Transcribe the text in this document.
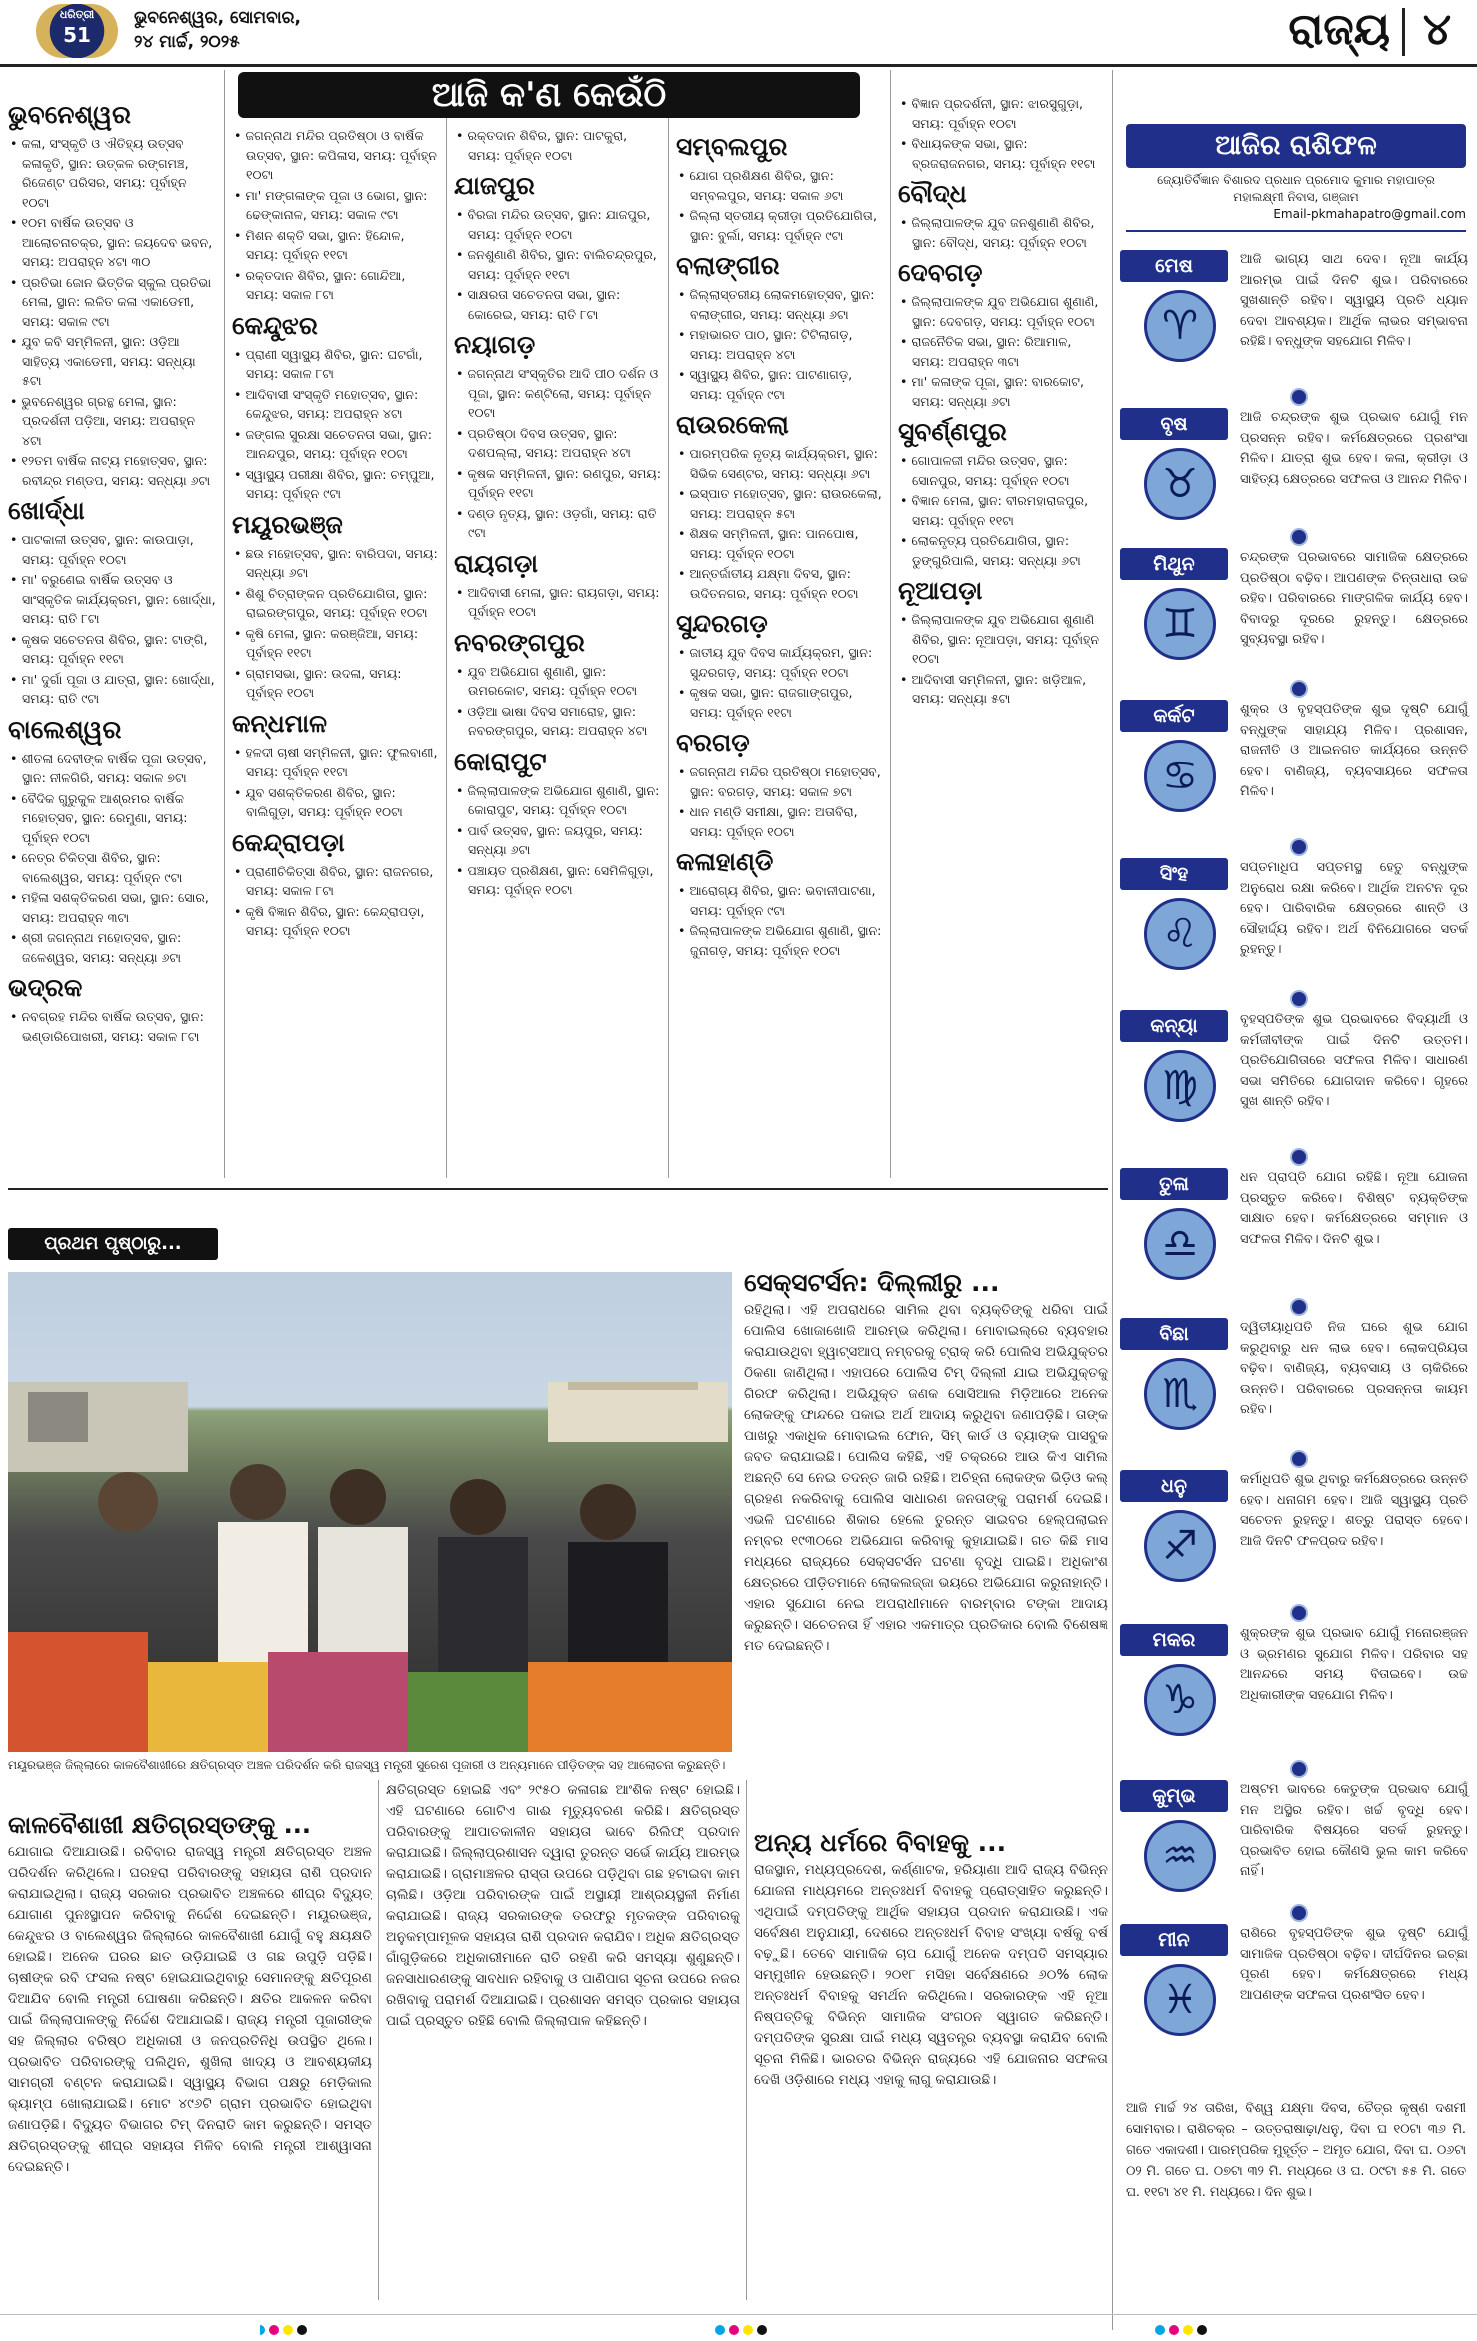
ଧରିତ୍ରୀ
51
ଭୁବନେଶ୍ୱର, ସୋମବାର,
୨୪ ମାର୍ଚ୍ଚ, ୨୦୨୫	ରାଜ୍ୟ ୪
ଆଜି କ'ଣ କେଉଁଠି
ଭୁବନେଶ୍ୱର
• କଳା, ସଂସ୍କୃତି ଓ ଐତିହ୍ୟ ଉତ୍ସବ କଳାକୃତି, ସ୍ଥାନ: ଉତ୍କଳ ରଙ୍ଗମଞ୍ଚ, ରିଜେଣ୍ଟ ପରିସର, ସମୟ: ପୂର୍ବାହ୍ନ ୧୦ଟା
• ୧୦ମ ବାର୍ଷିକ ଉତ୍ସବ ଓ ଆଲୋଚନାଚକ୍ର, ସ୍ଥାନ: ଜୟଦେବ ଭବନ, ସମୟ: ଅପରାହ୍ନ ୪ଟା ୩୦
• ପ୍ରତିଭା ଜୋନ ଭିତ୍ତିକ ସ୍କୁଲ ପ୍ରତିଭା ମେଳା, ସ୍ଥାନ: ଲଳିତ କଳା ଏକାଡେମୀ, ସମୟ: ସକାଳ ୯ଟା
• ଯୁବ କବି ସମ୍ମିଳନୀ, ସ୍ଥାନ: ଓଡ଼ିଆ ସାହିତ୍ୟ ଏକାଡେମୀ, ସମୟ: ସନ୍ଧ୍ୟା ୫ଟା
• ଭୁବନେଶ୍ୱର ଗ୍ରନ୍ଥ ମେଳା, ସ୍ଥାନ: ପ୍ରଦର୍ଶନୀ ପଡ଼ିଆ, ସମୟ: ଅପରାହ୍ନ ୪ଟା
• ୧୨ତମ ବାର୍ଷିକ ନାଟ୍ୟ ମହୋତ୍ସବ, ସ୍ଥାନ: ରବୀନ୍ଦ୍ର ମଣ୍ଡପ, ସମୟ: ସନ୍ଧ୍ୟା ୬ଟା
ଖୋର୍ଦ୍ଧା
• ପାଟକାଳୀ ଉତ୍ସବ, ସ୍ଥାନ: କାଉପାଡ଼ା, ସମୟ: ପୂର୍ବାହ୍ନ ୧୦ଟା
• ମା' ବରୁଣେଇ ବାର୍ଷିକ ଉତ୍ସବ ଓ ସାଂସ୍କୃତିକ କାର୍ଯ୍ୟକ୍ରମ, ସ୍ଥାନ: ଖୋର୍ଦ୍ଧା, ସମୟ: ରାତି ୮ଟା
• କୃଷକ ସଚେତନତା ଶିବିର, ସ୍ଥାନ: ଟାଙ୍ଗି, ସମୟ: ପୂର୍ବାହ୍ନ ୧୧ଟା
• ମା' ଦୁର୍ଗା ପୂଜା ଓ ଯାତ୍ରା, ସ୍ଥାନ: ଖୋର୍ଦ୍ଧା, ସମୟ: ରାତି ୯ଟା
ବାଲେଶ୍ୱର
• ଶୀତଳା ଦେବୀଙ୍କ ବାର୍ଷିକ ପୂଜା ଉତ୍ସବ, ସ୍ଥାନ: ନୀଳଗିରି, ସମୟ: ସକାଳ ୭ଟା
• ବୈଦିକ ଗୁରୁକୁଳ ଆଶ୍ରମର ବାର୍ଷିକ ମହୋତ୍ସବ, ସ୍ଥାନ: ରେମୁଣା, ସମୟ: ପୂର୍ବାହ୍ନ ୧୦ଟା
• ନେତ୍ର ଚିକିତ୍ସା ଶିବିର, ସ୍ଥାନ: ବାଲେଶ୍ୱର, ସମୟ: ପୂର୍ବାହ୍ନ ୯ଟା
• ମହିଳା ସଶକ୍ତିକରଣ ସଭା, ସ୍ଥାନ: ସୋର, ସମୟ: ଅପରାହ୍ନ ୩ଟା
• ଶ୍ରୀ ଜଗନ୍ନାଥ ମହୋତ୍ସବ, ସ୍ଥାନ: ଜଳେଶ୍ୱର, ସମୟ: ସନ୍ଧ୍ୟା ୬ଟା
ଭଦ୍ରକ
• ନବଗ୍ରହ ମନ୍ଦିର ବାର୍ଷିକ ଉତ୍ସବ, ସ୍ଥାନ: ଭଣ୍ଡାରିପୋଖରୀ, ସମୟ: ସକାଳ ୮ଟା
• ଜଗନ୍ନାଥ ମନ୍ଦିର ପ୍ରତିଷ୍ଠା ଓ ବାର୍ଷିକ ଉତ୍ସବ, ସ୍ଥାନ: କପିଳାସ, ସମୟ: ପୂର୍ବାହ୍ନ ୧୦ଟା
• ମା' ମଙ୍ଗଳାଙ୍କ ପୂଜା ଓ ଭୋଗ, ସ୍ଥାନ: ଢେଙ୍କାନାଳ, ସମୟ: ସକାଳ ୯ଟା
• ମିଶନ ଶକ୍ତି ସଭା, ସ୍ଥାନ: ହିନ୍ଦୋଳ, ସମୟ: ପୂର୍ବାହ୍ନ ୧୧ଟା
• ରକ୍ତଦାନ ଶିବିର, ସ୍ଥାନ: ଗୋନ୍ଦିଆ, ସମୟ: ସକାଳ ୮ଟା
କେନ୍ଦୁଝର
• ପ୍ରାଣୀ ସ୍ୱାସ୍ଥ୍ୟ ଶିବିର, ସ୍ଥାନ: ଘଟଗାଁ, ସମୟ: ସକାଳ ୮ଟା
• ଆଦିବାସୀ ସଂସ୍କୃତି ମହୋତ୍ସବ, ସ୍ଥାନ: କେନ୍ଦୁଝର, ସମୟ: ଅପରାହ୍ନ ୪ଟା
• ଜଙ୍ଗଲ ସୁରକ୍ଷା ସଚେତନତା ସଭା, ସ୍ଥାନ: ଆନନ୍ଦପୁର, ସମୟ: ପୂର୍ବାହ୍ନ ୧୦ଟା
• ସ୍ୱାସ୍ଥ୍ୟ ପରୀକ୍ଷା ଶିବିର, ସ୍ଥାନ: ଚମ୍ପୁଆ, ସମୟ: ପୂର୍ବାହ୍ନ ୯ଟା
ମୟୂରଭଞ୍ଜ
• ଛଉ ମହୋତ୍ସବ, ସ୍ଥାନ: ବାରିପଦା, ସମୟ: ସନ୍ଧ୍ୟା ୬ଟା
• ଶିଶୁ ଚିତ୍ରାଙ୍କନ ପ୍ରତିଯୋଗିତା, ସ୍ଥାନ: ରାଇରଙ୍ଗପୁର, ସମୟ: ପୂର୍ବାହ୍ନ ୧୦ଟା
• କୃଷି ମେଳା, ସ୍ଥାନ: କରଞ୍ଜିଆ, ସମୟ: ପୂର୍ବାହ୍ନ ୧୧ଟା
• ଗ୍ରାମସଭା, ସ୍ଥାନ: ଉଦଳା, ସମୟ: ପୂର୍ବାହ୍ନ ୧୦ଟା
କନ୍ଧମାଳ
• ହଳଦୀ ଚାଷୀ ସମ୍ମିଳନୀ, ସ୍ଥାନ: ଫୁଲବାଣୀ, ସମୟ: ପୂର୍ବାହ୍ନ ୧୧ଟା
• ଯୁବ ସଶକ୍ତିକରଣ ଶିବିର, ସ୍ଥାନ: ବାଲିଗୁଡ଼ା, ସମୟ: ପୂର୍ବାହ୍ନ ୧୦ଟା
କେନ୍ଦ୍ରାପଡ଼ା
• ପ୍ରାଣୀଚିକିତ୍ସା ଶିବିର, ସ୍ଥାନ: ରାଜନଗର, ସମୟ: ସକାଳ ୮ଟା
• କୃଷି ବିଜ୍ଞାନ ଶିବିର, ସ୍ଥାନ: କେନ୍ଦ୍ରାପଡ଼ା, ସମୟ: ପୂର୍ବାହ୍ନ ୧୦ଟା
• ରକ୍ତଦାନ ଶିବିର, ସ୍ଥାନ: ପାଟକୁରା, ସମୟ: ପୂର୍ବାହ୍ନ ୧୦ଟା
ଯାଜପୁର
• ବିରଜା ମନ୍ଦିର ଉତ୍ସବ, ସ୍ଥାନ: ଯାଜପୁର, ସମୟ: ପୂର୍ବାହ୍ନ ୧୦ଟା
• ଜନଶୁଣାଣି ଶିବିର, ସ୍ଥାନ: ବାଲିଚନ୍ଦ୍ରପୁର, ସମୟ: ପୂର୍ବାହ୍ନ ୧୧ଟା
• ସାକ୍ଷରତା ସଚେତନତା ସଭା, ସ୍ଥାନ: କୋରେଇ, ସମୟ: ରାତି ୮ଟା
ନୟାଗଡ଼
• ଜଗନ୍ନାଥ ସଂସ୍କୃତିର ଆଦି ପୀଠ ଦର୍ଶନ ଓ ପୂଜା, ସ୍ଥାନ: କଣ୍ଟିଲୋ, ସମୟ: ପୂର୍ବାହ୍ନ ୧୦ଟା
• ପ୍ରତିଷ୍ଠା ଦିବସ ଉତ୍ସବ, ସ୍ଥାନ: ଦଶପଲ୍ଲା, ସମୟ: ଅପରାହ୍ନ ୪ଟା
• କୃଷକ ସମ୍ମିଳନୀ, ସ୍ଥାନ: ରଣପୁର, ସମୟ: ପୂର୍ବାହ୍ନ ୧୧ଟା
• ଦଣ୍ଡ ନୃତ୍ୟ, ସ୍ଥାନ: ଓଡ଼ଗାଁ, ସମୟ: ରାତି ୯ଟା
ରାୟଗଡ଼ା
• ଆଦିବାସୀ ମେଳା, ସ୍ଥାନ: ରାୟଗଡ଼ା, ସମୟ: ପୂର୍ବାହ୍ନ ୧୦ଟା
ନବରଙ୍ଗପୁର
• ଯୁବ ଅଭିଯୋଗ ଶୁଣାଣି, ସ୍ଥାନ: ଉମରକୋଟ, ସମୟ: ପୂର୍ବାହ୍ନ ୧୦ଟା
• ଓଡ଼ିଆ ଭାଷା ଦିବସ ସମାରୋହ, ସ୍ଥାନ: ନବରଙ୍ଗପୁର, ସମୟ: ଅପରାହ୍ନ ୪ଟା
କୋରାପୁଟ
• ଜିଲ୍ଲାପାଳଙ୍କ ଅଭିଯୋଗ ଶୁଣାଣି, ସ୍ଥାନ: କୋରାପୁଟ, ସମୟ: ପୂର୍ବାହ୍ନ ୧୦ଟା
• ପାର୍ବ ଉତ୍ସବ, ସ୍ଥାନ: ଜୟପୁର, ସମୟ: ସନ୍ଧ୍ୟା ୬ଟା
• ପଞ୍ଚାୟତ ପ୍ରଶିକ୍ଷଣ, ସ୍ଥାନ: ସେମିଳିଗୁଡ଼ା, ସମୟ: ପୂର୍ବାହ୍ନ ୧୦ଟା
ସମ୍ବଲପୁର
• ଯୋଗ ପ୍ରଶିକ୍ଷଣ ଶିବିର, ସ୍ଥାନ: ସମ୍ବଲପୁର, ସମୟ: ସକାଳ ୬ଟା
• ଜିଲ୍ଲା ସ୍ତରୀୟ କ୍ରୀଡ଼ା ପ୍ରତିଯୋଗିତା, ସ୍ଥାନ: ବୁର୍ଲା, ସମୟ: ପୂର୍ବାହ୍ନ ୯ଟା
ବଲାଙ୍ଗୀର
• ଜିଲ୍ଲାସ୍ତରୀୟ ଲୋକମହୋତ୍ସବ, ସ୍ଥାନ: ବଲାଙ୍ଗୀର, ସମୟ: ସନ୍ଧ୍ୟା ୬ଟା
• ମହାଭାରତ ପାଠ, ସ୍ଥାନ: ଟିଟିଲାଗଡ଼, ସମୟ: ଅପରାହ୍ନ ୪ଟା
• ସ୍ୱାସ୍ଥ୍ୟ ଶିବିର, ସ୍ଥାନ: ପାଟଣାଗଡ଼, ସମୟ: ପୂର୍ବାହ୍ନ ୯ଟା
ରାଉରକେଲା
• ପାରମ୍ପରିକ ନୃତ୍ୟ କାର୍ଯ୍ୟକ୍ରମ, ସ୍ଥାନ: ସିଭିକ ସେଣ୍ଟର, ସମୟ: ସନ୍ଧ୍ୟା ୬ଟା
• ଇସ୍ପାତ ମହୋତ୍ସବ, ସ୍ଥାନ: ରାଉରକେଲା, ସମୟ: ଅପରାହ୍ନ ୫ଟା
• ଶିକ୍ଷକ ସମ୍ମିଳନୀ, ସ୍ଥାନ: ପାନପୋଷ, ସମୟ: ପୂର୍ବାହ୍ନ ୧୦ଟା
• ଆନ୍ତର୍ଜାତୀୟ ଯକ୍ଷ୍ମା ଦିବସ, ସ୍ଥାନ: ଉଦିତନଗର, ସମୟ: ପୂର୍ବାହ୍ନ ୧୦ଟା
ସୁନ୍ଦରଗଡ଼
• ଜାତୀୟ ଯୁବ ଦିବସ କାର୍ଯ୍ୟକ୍ରମ, ସ୍ଥାନ: ସୁନ୍ଦରଗଡ଼, ସମୟ: ପୂର୍ବାହ୍ନ ୧୦ଟା
• କୃଷକ ସଭା, ସ୍ଥାନ: ରାଜଗାଙ୍ଗପୁର, ସମୟ: ପୂର୍ବାହ୍ନ ୧୧ଟା
ବରଗଡ଼
• ଜଗନ୍ନାଥ ମନ୍ଦିର ପ୍ରତିଷ୍ଠା ମହୋତ୍ସବ, ସ୍ଥାନ: ବରଗଡ଼, ସମୟ: ସକାଳ ୭ଟା
• ଧାନ ମଣ୍ଡି ସମୀକ୍ଷା, ସ୍ଥାନ: ଅତାବିରା, ସମୟ: ପୂର୍ବାହ୍ନ ୧୦ଟା
କଳାହାଣ୍ଡି
• ଆରୋଗ୍ୟ ଶିବିର, ସ୍ଥାନ: ଭବାନୀପାଟଣା, ସମୟ: ପୂର୍ବାହ୍ନ ୯ଟା
• ଜିଲ୍ଲାପାଳଙ୍କ ଅଭିଯୋଗ ଶୁଣାଣି, ସ୍ଥାନ: ଜୁନାଗଡ଼, ସମୟ: ପୂର୍ବାହ୍ନ ୧୦ଟା
• ବିଜ୍ଞାନ ପ୍ରଦର୍ଶନୀ, ସ୍ଥାନ: ଝାରସୁଗୁଡ଼ା, ସମୟ: ପୂର୍ବାହ୍ନ ୧୦ଟା
• ବିଧାୟକଙ୍କ ସଭା, ସ୍ଥାନ: ବ୍ରଜରାଜନଗର, ସମୟ: ପୂର୍ବାହ୍ନ ୧୧ଟା
ବୌଦ୍ଧ
• ଜିଲ୍ଲାପାଳଙ୍କ ଯୁବ ଜନଶୁଣାଣି ଶିବିର, ସ୍ଥାନ: ବୌଦ୍ଧ, ସମୟ: ପୂର୍ବାହ୍ନ ୧୦ଟା
ଦେବଗଡ଼
• ଜିଲ୍ଲାପାଳଙ୍କ ଯୁବ ଅଭିଯୋଗ ଶୁଣାଣି, ସ୍ଥାନ: ଦେବଗଡ଼, ସମୟ: ପୂର୍ବାହ୍ନ ୧୦ଟା
• ରାଜନୈତିକ ସଭା, ସ୍ଥାନ: ରିଆମାଳ, ସମୟ: ଅପରାହ୍ନ ୩ଟା
• ମା' କଳାଙ୍କ ପୂଜା, ସ୍ଥାନ: ବାରକୋଟ, ସମୟ: ସନ୍ଧ୍ୟା ୬ଟା
ସୁବର୍ଣ୍ଣପୁର
• ଗୋପାଳଜୀ ମନ୍ଦିର ଉତ୍ସବ, ସ୍ଥାନ: ସୋନପୁର, ସମୟ: ପୂର୍ବାହ୍ନ ୧୦ଟା
• ବିଜ୍ଞାନ ମେଳା, ସ୍ଥାନ: ବୀରମହାରାଜପୁର, ସମୟ: ପୂର୍ବାହ୍ନ ୧୧ଟା
• ଲୋକନୃତ୍ୟ ପ୍ରତିଯୋଗିତା, ସ୍ଥାନ: ଡୁଙ୍ଗୁରିପାଲି, ସମୟ: ସନ୍ଧ୍ୟା ୬ଟା
ନୂଆପଡ଼ା
• ଜିଲ୍ଲାପାଳଙ୍କ ଯୁବ ଅଭିଯୋଗ ଶୁଣାଣି ଶିବିର, ସ୍ଥାନ: ନୂଆପଡ଼ା, ସମୟ: ପୂର୍ବାହ୍ନ ୧୦ଟା
• ଆଦିବାସୀ ସମ୍ମିଳନୀ, ସ୍ଥାନ: ଖଡ଼ିଆଳ, ସମୟ: ସନ୍ଧ୍ୟା ୫ଟା
ପ୍ରଥମ ପୃଷ୍ଠାରୁ...
ମୟୂରଭଞ୍ଜ ଜିଲ୍ଲାରେ କାଳବୈଶାଖୀରେ କ୍ଷତିଗ୍ରସ୍ତ ଅଞ୍ଚଳ ପରିଦର୍ଶନ କରି ରାଜସ୍ୱ ମନ୍ତ୍ରୀ ସୁରେଶ ପୂଜାରୀ ଓ ଅନ୍ୟମାନେ ପୀଡ଼ିତଙ୍କ ସହ ଆଲୋଚନା କରୁଛନ୍ତି।
ସେକ୍ସଟର୍ସନ: ଦିଲ୍ଲୀରୁ ...
ରହିଥିଲା। ଏହି ଅପରାଧରେ ସାମିଲ ଥିବା ବ୍ୟକ୍ତିଙ୍କୁ ଧରିବା ପାଇଁ ପୋଲିସ ଖୋଜାଖୋଜି ଆରମ୍ଭ କରିଥିଲା। ମୋବାଇଲ୍‌ରେ ବ୍ୟବହାର କରାଯାଉଥିବା ହ୍ୱାଟ୍‌ସଆପ୍ ନମ୍ବରକୁ ଟ୍ରାକ୍ କରି ପୋଲିସ ଅଭିଯୁକ୍ତର ଠିକଣା ଜାଣିଥିଲା। ଏହାପରେ ପୋଲିସ ଟିମ୍ ଦିଲ୍ଲୀ ଯାଇ ଅଭିଯୁକ୍ତକୁ ଗିରଫ କରିଥିଲା। ଅଭିଯୁକ୍ତ ଜଣକ ସୋସିଆଲ ମିଡ଼ିଆରେ ଅନେକ ଲୋକଙ୍କୁ ଫାନ୍ଦରେ ପକାଇ ଅର୍ଥ ଆଦାୟ କରୁଥିବା ଜଣାପଡ଼ିଛି। ତାଙ୍କ ପାଖରୁ ଏକାଧିକ ମୋବାଇଲ ଫୋନ, ସିମ୍ କାର୍ଡ ଓ ବ୍ୟାଙ୍କ ପାସବୁକ ଜବତ କରାଯାଇଛି। ପୋଲିସ କହିଛି, ଏହି ଚକ୍ରରେ ଆଉ କିଏ ସାମିଲ ଅଛନ୍ତି ସେ ନେଇ ତଦନ୍ତ ଜାରି ରହିଛି। ଅଚିହ୍ନା ଲୋକଙ୍କ ଭିଡ଼ିଓ କଲ୍ ଗ୍ରହଣ ନକରିବାକୁ ପୋଲିସ ସାଧାରଣ ଜନତାଙ୍କୁ ପରାମର୍ଶ ଦେଇଛି। ଏଭଳି ଘଟଣାରେ ଶିକାର ହେଲେ ତୁରନ୍ତ ସାଇବର ହେଲ୍ପଲାଇନ ନମ୍ବର ୧୯୩୦ରେ ଅଭିଯୋଗ କରିବାକୁ କୁହାଯାଇଛି। ଗତ କିଛି ମାସ ମଧ୍ୟରେ ରାଜ୍ୟରେ ସେକ୍ସଟର୍ସନ ଘଟଣା ବୃଦ୍ଧି ପାଇଛି। ଅଧିକାଂଶ କ୍ଷେତ୍ରରେ ପୀଡ଼ିତମାନେ ଲୋକଲଜ୍ଜା ଭୟରେ ଅଭିଯୋଗ କରୁନାହାନ୍ତି। ଏହାର ସୁଯୋଗ ନେଇ ଅପରାଧୀମାନେ ବାରମ୍ବାର ଟଙ୍କା ଆଦାୟ କରୁଛନ୍ତି। ସଚେତନତା ହିଁ ଏହାର ଏକମାତ୍ର ପ୍ରତିକାର ବୋଲି ବିଶେଷଜ୍ଞ ମତ ଦେଇଛନ୍ତି।
କାଳବୈଶାଖୀ କ୍ଷତିଗ୍ରସ୍ତଙ୍କୁ ...
ଯୋଗାଇ ଦିଆଯାଉଛି। ରବିବାର ରାଜସ୍ୱ ମନ୍ତ୍ରୀ କ୍ଷତିଗ୍ରସ୍ତ ଅଞ୍ଚଳ ପରିଦର୍ଶନ କରିଥିଲେ। ଘରହରା ପରିବାରଙ୍କୁ ସହାୟତା ରାଶି ପ୍ରଦାନ କରାଯାଇଥିଲା। ରାଜ୍ୟ ସରକାର ପ୍ରଭାବିତ ଅଞ୍ଚଳରେ ଶୀଘ୍ର ବିଦ୍ୟୁତ୍ ଯୋଗାଣ ପୁନଃସ୍ଥାପନ କରିବାକୁ ନିର୍ଦ୍ଦେଶ ଦେଇଛନ୍ତି। ମୟୂରଭଞ୍ଜ, କେନ୍ଦୁଝର ଓ ବାଲେଶ୍ୱର ଜିଲ୍ଲାରେ କାଳବୈଶାଖୀ ଯୋଗୁଁ ବହୁ କ୍ଷୟକ୍ଷତି ହୋଇଛି। ଅନେକ ଘରର ଛାତ ଉଡ଼ିଯାଇଛି ଓ ଗଛ ଉପୁଡ଼ି ପଡ଼ିଛି। ଚାଷୀଙ୍କ ରବି ଫସଲ ନଷ୍ଟ ହୋଇଯାଇଥିବାରୁ ସେମାନଙ୍କୁ କ୍ଷତିପୂରଣ ଦିଆଯିବ ବୋଲି ମନ୍ତ୍ରୀ ଘୋଷଣା କରିଛନ୍ତି। କ୍ଷତିର ଆକଳନ କରିବା ପାଇଁ ଜିଲ୍ଲାପାଳଙ୍କୁ ନିର୍ଦ୍ଦେଶ ଦିଆଯାଇଛି। ରାଜ୍ୟ ମନ୍ତ୍ରୀ ପୂଜାରୀଙ୍କ ସହ ଜିଲ୍ଲାର ବରିଷ୍ଠ ଅଧିକାରୀ ଓ ଜନପ୍ରତିନିଧି ଉପସ୍ଥିତ ଥିଲେ। ପ୍ରଭାବିତ ପରିବାରଙ୍କୁ ପଲିଥିନ, ଶୁଖିଲା ଖାଦ୍ୟ ଓ ଆବଶ୍ୟକୀୟ ସାମଗ୍ରୀ ବଣ୍ଟନ କରାଯାଇଛି। ସ୍ୱାସ୍ଥ୍ୟ ବିଭାଗ ପକ୍ଷରୁ ମେଡ଼ିକାଲ କ୍ୟାମ୍ପ ଖୋଲାଯାଇଛି। ମୋଟ ୪୯୬ଟି ଗ୍ରାମ ପ୍ରଭାବିତ ହୋଇଥିବା ଜଣାପଡ଼ିଛି। ବିଦ୍ୟୁତ ବିଭାଗର ଟିମ୍ ଦିନରାତି କାମ କରୁଛନ୍ତି। ସମସ୍ତ କ୍ଷତିଗ୍ରସ୍ତଙ୍କୁ ଶୀଘ୍ର ସହାୟତା ମିଳିବ ବୋଲି ମନ୍ତ୍ରୀ ଆଶ୍ୱାସନା ଦେଇଛନ୍ତି।
କ୍ଷତିଗ୍ରସ୍ତ ହୋଇଛି ଏବଂ ୨୯୫୦ କଳାଗଛ ଆଂଶିକ ନଷ୍ଟ ହୋଇଛି। ଏହି ଘଟଣାରେ ଗୋଟିଏ ଗାଈ ମୃତ୍ୟୁବରଣ କରିଛି। କ୍ଷତିଗ୍ରସ୍ତ ପରିବାରଙ୍କୁ ଆପାତକାଳୀନ ସହାୟତା ଭାବେ ରିଲିଫ୍ ପ୍ରଦାନ କରାଯାଇଛି। ଜିଲ୍ଲାପ୍ରଶାସନ ଦ୍ୱାରା ତୁରନ୍ତ ସର୍ଭେ କାର୍ଯ୍ୟ ଆରମ୍ଭ କରାଯାଇଛି। ଗ୍ରାମାଞ୍ଚଳର ରାସ୍ତା ଉପରେ ପଡ଼ିଥିବା ଗଛ ହଟାଇବା କାମ ଚାଲିଛି। ଓଡ଼ିଆ ପରିବାରଙ୍କ ପାଇଁ ଅସ୍ଥାୟୀ ଆଶ୍ରୟସ୍ଥଳୀ ନିର୍ମାଣ କରାଯାଇଛି। ରାଜ୍ୟ ସରକାରଙ୍କ ତରଫରୁ ମୃତକଙ୍କ ପରିବାରକୁ ଅନୁକମ୍ପାମୂଳକ ସହାୟତା ରାଶି ପ୍ରଦାନ କରାଯିବ। ଅଧିକ କ୍ଷତିଗ୍ରସ୍ତ ଗାଁଗୁଡ଼ିକରେ ଅଧିକାରୀମାନେ ରାତି ରହଣି କରି ସମସ୍ୟା ଶୁଣୁଛନ୍ତି। ଜନସାଧାରଣଙ୍କୁ ସାବଧାନ ରହିବାକୁ ଓ ପାଣିପାଗ ସୂଚନା ଉପରେ ନଜର ରଖିବାକୁ ପରାମର୍ଶ ଦିଆଯାଇଛି। ପ୍ରଶାସନ ସମସ୍ତ ପ୍ରକାର ସହାୟତା ପାଇଁ ପ୍ରସ୍ତୁତ ରହିଛି ବୋଲି ଜିଲ୍ଲାପାଳ କହିଛନ୍ତି।
ଅନ୍ୟ ଧର୍ମରେ ବିବାହକୁ ...
ରାଜସ୍ଥାନ, ମଧ୍ୟପ୍ରଦେଶ, କର୍ଣ୍ଣାଟକ, ହରିୟାଣା ଆଦି ରାଜ୍ୟ ବିଭିନ୍ନ ଯୋଜନା ମାଧ୍ୟମରେ ଅନ୍ତଃଧର୍ମ ବିବାହକୁ ପ୍ରୋତ୍ସାହିତ କରୁଛନ୍ତି। ଏଥିପାଇଁ ଦମ୍ପତିଙ୍କୁ ଆର୍ଥିକ ସହାୟତା ପ୍ରଦାନ କରାଯାଉଛି। ଏକ ସର୍ବେକ୍ଷଣ ଅନୁଯାୟୀ, ଦେଶରେ ଅନ୍ତଃଧର୍ମ ବିବାହ ସଂଖ୍ୟା ବର୍ଷକୁ ବର୍ଷ ବଢ଼ୁଛି। ତେବେ ସାମାଜିକ ଚାପ ଯୋଗୁଁ ଅନେକ ଦମ୍ପତି ସମସ୍ୟାର ସମ୍ମୁଖୀନ ହେଉଛନ୍ତି। ୨୦୧୮ ମସିହା ସର୍ବେକ୍ଷଣରେ ୬୦% ଲୋକ ଅନ୍ତଃଧର୍ମ ବିବାହକୁ ସମର୍ଥନ କରିଥିଲେ। ସରକାରଙ୍କ ଏହି ନୂଆ ନିଷ୍ପତ୍ତିକୁ ବିଭିନ୍ନ ସାମାଜିକ ସଂଗଠନ ସ୍ୱାଗତ କରିଛନ୍ତି। ଦମ୍ପତିଙ୍କ ସୁରକ୍ଷା ପାଇଁ ମଧ୍ୟ ସ୍ୱତନ୍ତ୍ର ବ୍ୟବସ୍ଥା କରାଯିବ ବୋଲି ସୂଚନା ମିଳିଛି। ଭାରତର ବିଭିନ୍ନ ରାଜ୍ୟରେ ଏହି ଯୋଜନାର ସଫଳତା ଦେଖି ଓଡ଼ିଶାରେ ମଧ୍ୟ ଏହାକୁ ଲାଗୁ କରାଯାଉଛି।
ଆଜିର ରାଶିଫଳ
ଜ୍ୟୋତିର୍ବିଜ୍ଞାନ ବିଶାରଦ ପ୍ରଧାନ ପ୍ରମୋଦ କୁମାର ମହାପାତ୍ର
ମହାଲକ୍ଷ୍ମୀ ନିବାସ, ଗଞ୍ଜାମ
Email-pkmahapatro@gmail.com
ମେଷ
♈
ଆଜି ଭାଗ୍ୟ ସାଥ ଦେବ। ନୂଆ କାର୍ଯ୍ୟ ଆରମ୍ଭ ପାଇଁ ଦିନଟି ଶୁଭ। ପରିବାରରେ ସୁଖଶାନ୍ତି ରହିବ। ସ୍ୱାସ୍ଥ୍ୟ ପ୍ରତି ଧ୍ୟାନ ଦେବା ଆବଶ୍ୟକ। ଆର୍ଥିକ ଲାଭର ସମ୍ଭାବନା ରହିଛି। ବନ୍ଧୁଙ୍କ ସହଯୋଗ ମିଳିବ।
ବୃଷ
♉
ଆଜି ଚନ୍ଦ୍ରଙ୍କ ଶୁଭ ପ୍ରଭାବ ଯୋଗୁଁ ମନ ପ୍ରସନ୍ନ ରହିବ। କର୍ମକ୍ଷେତ୍ରରେ ପ୍ରଶଂସା ମିଳିବ। ଯାତ୍ରା ଶୁଭ ହେବ। କଳା, କ୍ରୀଡ଼ା ଓ ସାହିତ୍ୟ କ୍ଷେତ୍ରରେ ସଫଳତା ଓ ଆନନ୍ଦ ମିଳିବ।
ମିଥୁନ
♊
ଚନ୍ଦ୍ରଙ୍କ ପ୍ରଭାବରେ ସାମାଜିକ କ୍ଷେତ୍ରରେ ପ୍ରତିଷ୍ଠା ବଢ଼ିବ। ଆପଣଙ୍କ ଚିନ୍ତାଧାରା ଉଚ୍ଚ ରହିବ। ପରିବାରରେ ମାଙ୍ଗଳିକ କାର୍ଯ୍ୟ ହେବ। ବିବାଦରୁ ଦୂରରେ ରୁହନ୍ତୁ। କ୍ଷେତ୍ରରେ ସୁବ୍ୟବସ୍ଥା ରହିବ।
କର୍କଟ
♋
ଶୁକ୍ର ଓ ବୃହସ୍ପତିଙ୍କ ଶୁଭ ଦୃଷ୍ଟି ଯୋଗୁଁ ବନ୍ଧୁଙ୍କ ସାହାଯ୍ୟ ମିଳିବ। ପ୍ରଶାସନ, ରାଜନୀତି ଓ ଆଇନଗତ କାର୍ଯ୍ୟରେ ଉନ୍ନତି ହେବ। ବାଣିଜ୍ୟ, ବ୍ୟବସାୟରେ ସଫଳତା ମିଳିବ।
ସିଂହ
♌
ସପ୍ତମାଧିପ ସପ୍ତମସ୍ଥ ହେତୁ ବନ୍ଧୁଙ୍କ ଅନୁରୋଧ ରକ୍ଷା କରିବେ। ଆର୍ଥିକ ଅନଟନ ଦୂର ହେବ। ପାରିବାରିକ କ୍ଷେତ୍ରରେ ଶାନ୍ତି ଓ ସୌହାର୍ଦ୍ଦ୍ୟ ରହିବ। ଅର୍ଥ ବିନିଯୋଗରେ ସତର୍କ ରୁହନ୍ତୁ।
କନ୍ୟା
♍
ବୃହସ୍ପତିଙ୍କ ଶୁଭ ପ୍ରଭାବରେ ବିଦ୍ୟାର୍ଥୀ ଓ କର୍ମଜୀବୀଙ୍କ ପାଇଁ ଦିନଟି ଉତ୍ତମ। ପ୍ରତିଯୋଗିତାରେ ସଫଳତା ମିଳିବ। ସାଧାରଣ ସଭା ସମିତିରେ ଯୋଗଦାନ କରିବେ। ଗୃହରେ ସୁଖ ଶାନ୍ତି ରହିବ।
ତୁଳା
♎
ଧନ ପ୍ରାପ୍ତି ଯୋଗ ରହିଛି। ନୂଆ ଯୋଜନା ପ୍ରସ୍ତୁତ କରିବେ। ବିଶିଷ୍ଟ ବ୍ୟକ୍ତିଙ୍କ ସାକ୍ଷାତ ହେବ। କର୍ମକ୍ଷେତ୍ରରେ ସମ୍ମାନ ଓ ସଫଳତା ମିଳିବ। ଦିନଟି ଶୁଭ।
ବିଛା
♏
ଦ୍ୱିତୀୟାଧିପତି ନିଜ ଘରେ ଶୁଭ ଯୋଗ କରୁଥିବାରୁ ଧନ ଲାଭ ହେବ। ଲୋକପ୍ରିୟତା ବଢ଼ିବ। ବାଣିଜ୍ୟ, ବ୍ୟବସାୟ ଓ ଚାକିରିରେ ଉନ୍ନତି। ପରିବାରରେ ପ୍ରସନ୍ନତା କାୟମ ରହିବ।
ଧନୁ
♐
କର୍ମାଧିପତି ଶୁଭ ଥିବାରୁ କର୍ମକ୍ଷେତ୍ରରେ ଉନ୍ନତି ହେବ। ଧନାଗମ ହେବ। ଆଜି ସ୍ୱାସ୍ଥ୍ୟ ପ୍ରତି ସଚେତନ ରୁହନ୍ତୁ। ଶତ୍ରୁ ପରାସ୍ତ ହେବେ। ଆଜି ଦିନଟି ଫଳପ୍ରଦ ରହିବ।
ମକର
♑
ଶୁକ୍ରଙ୍କ ଶୁଭ ପ୍ରଭାବ ଯୋଗୁଁ ମନୋରଞ୍ଜନ ଓ ଭ୍ରମଣର ସୁଯୋଗ ମିଳିବ। ପରିବାର ସହ ଆନନ୍ଦରେ ସମୟ ବିତାଇବେ। ଉଚ୍ଚ ଅଧିକାରୀଙ୍କ ସହଯୋଗ ମିଳିବ।
କୁମ୍ଭ
♒
ଅଷ୍ଟମ ଭାବରେ କେତୁଙ୍କ ପ୍ରଭାବ ଯୋଗୁଁ ମନ ଅସ୍ଥିର ରହିବ। ଖର୍ଚ୍ଚ ବୃଦ୍ଧି ହେବ। ପାରିବାରିକ ବିଷୟରେ ସତର୍କ ରୁହନ୍ତୁ। ପ୍ରଭାବିତ ହୋଇ କୌଣସି ଭୁଲ କାମ କରିବେ ନାହିଁ।
ମୀନ
♓
ରାଶିରେ ବୃହସ୍ପତିଙ୍କ ଶୁଭ ଦୃଷ୍ଟି ଯୋଗୁଁ ସାମାଜିକ ପ୍ରତିଷ୍ଠା ବଢ଼ିବ। ଦୀର୍ଘଦିନର ଇଚ୍ଛା ପୂରଣ ହେବ। କର୍ମକ୍ଷେତ୍ରରେ ମଧ୍ୟ ଆପଣଙ୍କ ସଫଳତା ପ୍ରଶଂସିତ ହେବ।
ଆଜି ମାର୍ଚ୍ଚ ୨୪ ତାରିଖ, ବିଶ୍ୱ ଯକ୍ଷ୍ମା ଦିବସ, ଚୈତ୍ର କୃଷ୍ଣ ଦଶମୀ ସୋମବାର। ରାଶିଚକ୍ର – ଉତ୍ତରାଷାଢ଼ା/ଧନୁ, ଦିବା ଘ ୧୦ଟା ୩୬ ମି. ଗତେ ଏକାଦଶୀ। ପାରମ୍ପରିକ ମୁହୂର୍ତ୍ତ – ଅମୃତ ଯୋଗ, ଦିବା ଘ. ୦୬ଟା ୦୨ ମି. ଗତେ ଘ. ୦୭ଟା ୩୨ ମି. ମଧ୍ୟରେ ଓ ଘ. ୦୯ଟା ୫୫ ମି. ଗତେ ଘ. ୧୧ଟା ୪୧ ମି. ମଧ୍ୟରେ। ଦିନ ଶୁଭ।
